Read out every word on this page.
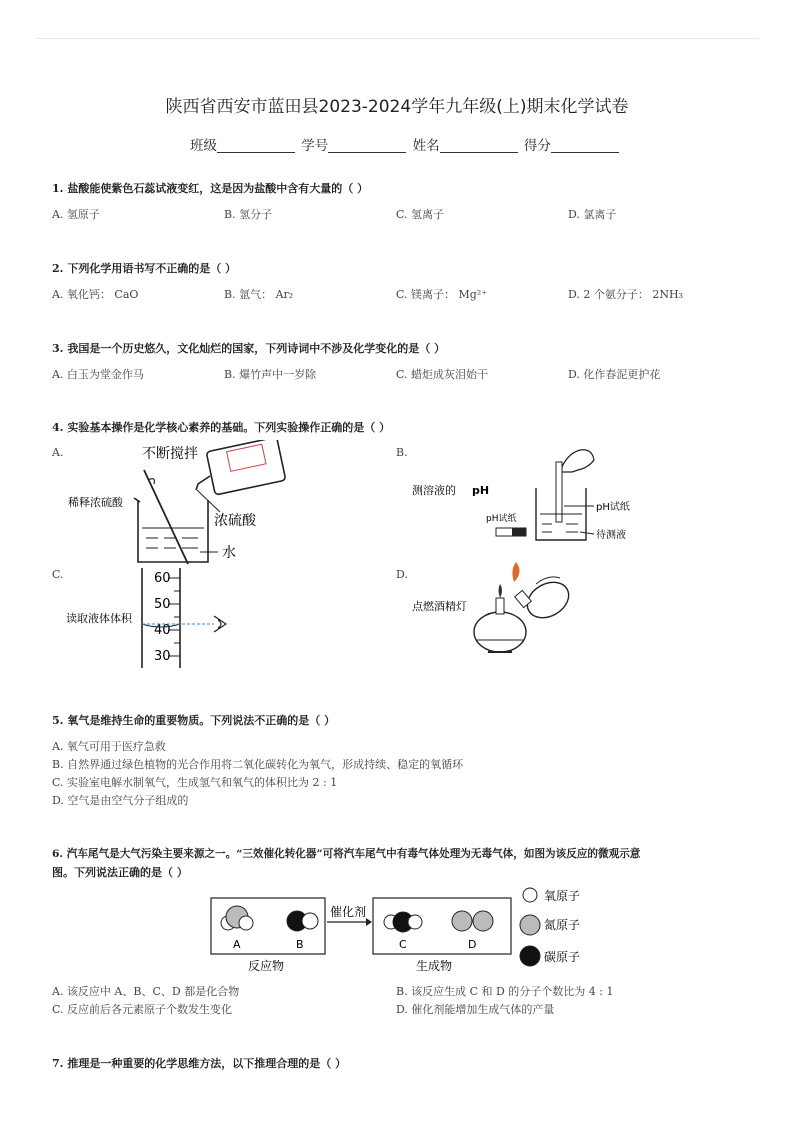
陕西省西安市蓝田县2023-2024学年九年级(上)期末化学试卷
班级	学号	姓名	得分
1. 盐酸能使紫色石蕊试液变红，这是因为盐酸中含有大量的（ ）
A. 氢原子	B. 氢分子	C. 氢离子	D. 氯离子
2. 下列化学用语书写不正确的是（ ）
A. 氧化钙： CaO	B. 氩气： Ar₂	C. 镁离子： Mg²⁺	D. 2 个氨分子： 2NH₃
3. 我国是一个历史悠久，文化灿烂的国家，下列诗词中不涉及化学变化的是（ ）
A. 白玉为堂金作马	B. 爆竹声中一岁除	C. 蜡炬成灰泪始干	D. 化作春泥更护花
4. 实验基本操作是化学核心素养的基础。下列实验操作正确的是（ ）
A.	B.
C.	D.
不断搅拌
稀释浓硫酸
浓硫酸
水
测溶液的 pH
pH试纸
pH试纸
待测液
读取液体体积
60
50
40
30
点燃酒精灯
5. 氧气是维持生命的重要物质。下列说法不正确的是（ ）
A. 氧气可用于医疗急救
B. 自然界通过绿色植物的光合作用将二氧化碳转化为氧气，形成持续、稳定的氧循环
C. 实验室电解水制氧气，生成氢气和氧气的体积比为 2 : 1
D. 空气是由空气分子组成的
6. 汽车尾气是大气污染主要来源之一。“三效催化转化器”可将汽车尾气中有毒气体处理为无毒气体，如图为该反应的微观示意
图。下列说法正确的是（ ）
A	B
反应物
催化剂
C	D
生成物
氧原子
氮原子
碳原子
A. 该反应中 A、B、C、D 都是化合物	B. 该反应生成 C 和 D 的分子个数比为 4 : 1
C. 反应前后各元素原子个数发生变化	D. 催化剂能增加生成气体的产量
7. 推理是一种重要的化学思维方法，以下推理合理的是（ ）
